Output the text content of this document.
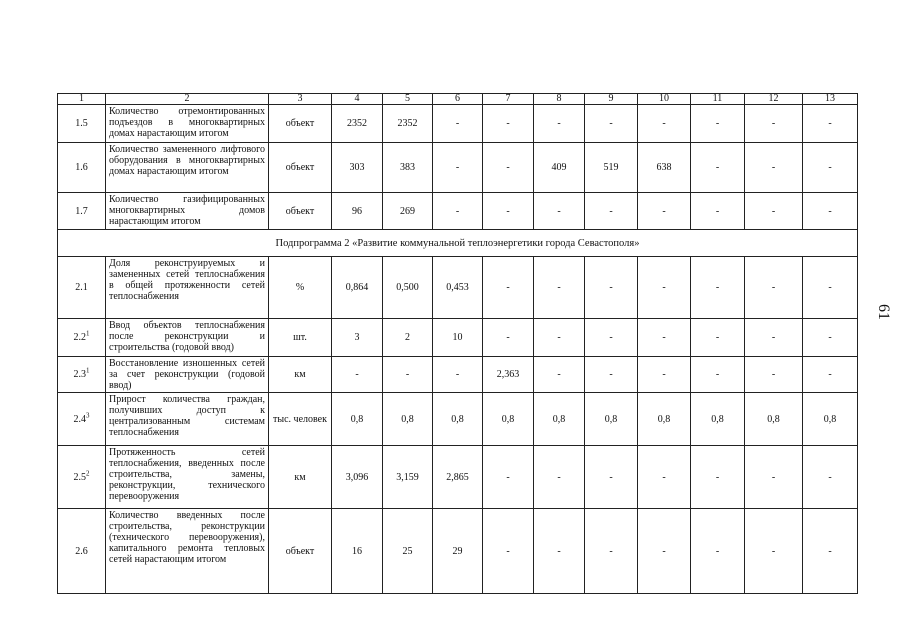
61
1	2	3	4	5	6	7	8	9	10	11	12	13
1.5	Количество отремонтированных подъездов в многоквартирных домах нарастающим итогом	объект	2352	2352	-	-	-	-	-	-	-	-
1.6	Количество замененного лифтового оборудования в многоквартирных домах нарастающим итогом	объект	303	383	-	-	409	519	638	-	-	-
1.7	Количество газифицированных многоквартирных домов нарастающим итогом	объект	96	269	-	-	-	-	-	-	-	-
Подпрограмма 2 «Развитие коммунальной теплоэнергетики города Севастополя»												
2.1	Доля реконструируемых и замененных сетей теплоснабжения в общей протяженности сетей теплоснабжения	%	0,864	0,500	0,453	-	-	-	-	-	-	-
$2.2^1$	Ввод объектов теплоснабжения после реконструкции и строительства (годовой ввод)	шт.	3	2	10	-	-	-	-	-	-	-
$2.3^1$	Восстановление изношенных сетей за счет реконструкции (годовой ввод)	км	-	-	-	2,363	-	-	-	-	-	-
$2.4^3$	Прирост количества граждан, получивших доступ к централизованным системам теплоснабжения	тыс. человек	0,8	0,8	0,8	0,8	0,8	0,8	0,8	0,8	0,8	0,8
$2.5^2$	Протяженность сетей теплоснабжения, введенных после строительства, замены, реконструкции, технического перевооружения	км	3,096	3,159	2,865	-	-	-	-	-	-	-
2.6	Количество введенных после строительства, реконструкции (технического перевооружения), капитального ремонта тепловых сетей нарастающим итогом	объект	16	25	29	-	-	-	-	-	-	-
